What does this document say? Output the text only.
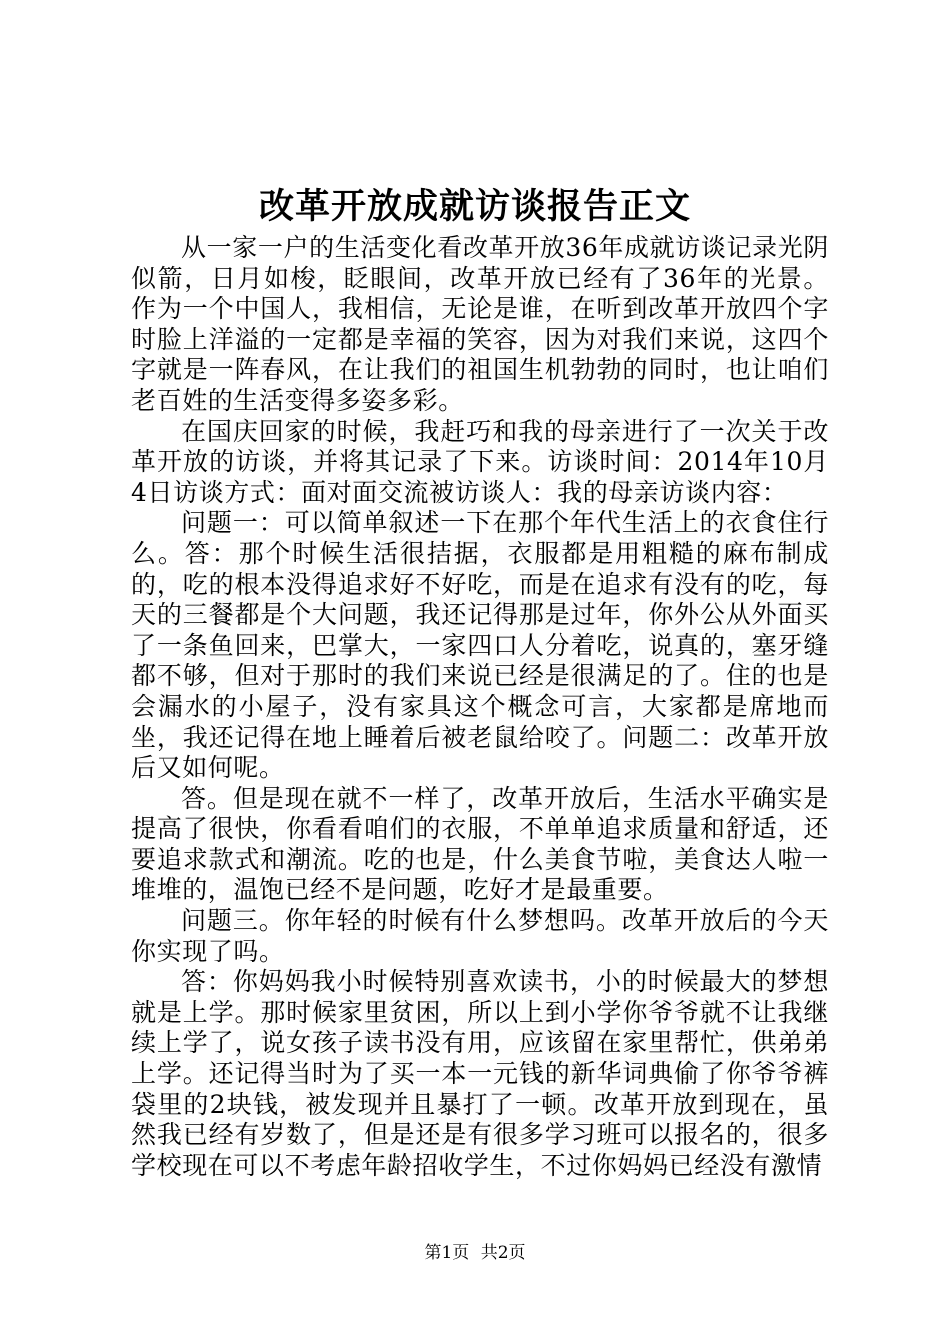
改革开放成就访谈报告正文

从一家一户的生活变化看改革开放36年成就访谈记录光阴似箭，日月如梭，眨眼间，改革开放已经有了36年的光景。作为一个中国人，我相信，无论是谁，在听到改革开放四个字时脸上洋溢的一定都是幸福的笑容，因为对我们来说，这四个字就是一阵春风，在让我们的祖国生机勃勃的同时，也让咱们老百姓的生活变得多姿多彩。

在国庆回家的时候，我赶巧和我的母亲进行了一次关于改革开放的访谈，并将其记录了下来。访谈时间：2014年10月4日访谈方式：面对面交流被访谈人：我的母亲访谈内容：

问题一：可以简单叙述一下在那个年代生活上的衣食住行么。答：那个时候生活很拮据，衣服都是用粗糙的麻布制成的，吃的根本没得追求好不好吃，而是在追求有没有的吃，每天的三餐都是个大问题，我还记得那是过年，你外公从外面买了一条鱼回来，巴掌大，一家四口人分着吃，说真的，塞牙缝都不够，但对于那时的我们来说已经是很满足的了。住的也是会漏水的小屋子，没有家具这个概念可言，大家都是席地而坐，我还记得在地上睡着后被老鼠给咬了。问题二：改革开放后又如何呢。

答。但是现在就不一样了，改革开放后，生活水平确实是提高了很快，你看看咱们的衣服，不单单追求质量和舒适，还要追求款式和潮流。吃的也是，什么美食节啦，美食达人啦一堆堆的，温饱已经不是问题，吃好才是最重要。

问题三。你年轻的时候有什么梦想吗。改革开放后的今天你实现了吗。

答：你妈妈我小时候特别喜欢读书，小的时候最大的梦想就是上学。那时候家里贫困，所以上到小学你爷爷就不让我继续上学了，说女孩子读书没有用，应该留在家里帮忙，供弟弟上学。还记得当时为了买一本一元钱的新华词典偷了你爷爷裤袋里的2块钱，被发现并且暴打了一顿。改革开放到现在，虽然我已经有岁数了，但是还是有很多学习班可以报名的，很多学校现在可以不考虑年龄招收学生，不过你妈妈已经没有激情

第1页 共2页
